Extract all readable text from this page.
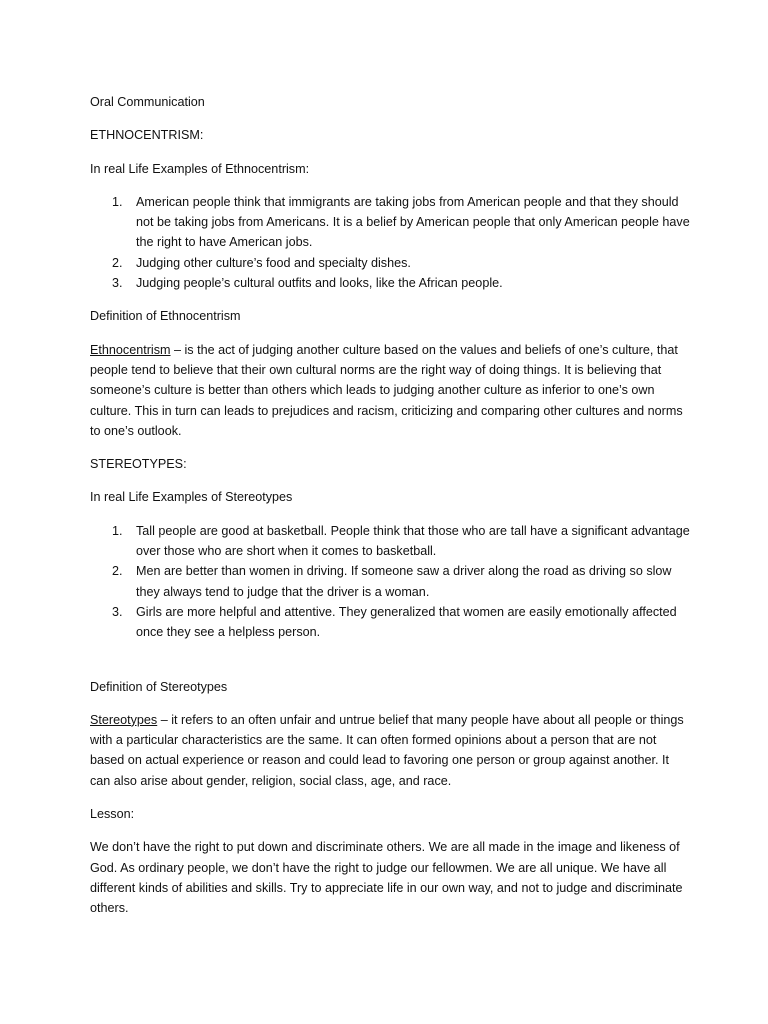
Oral Communication

ETHNOCENTRISM:

In real Life Examples of Ethnocentrism:

1. American people think that immigrants are taking jobs from American people and that they should not be taking jobs from Americans. It is a belief by American people that only American people have the right to have American jobs.
2. Judging other culture’s food and specialty dishes.
3. Judging people’s cultural outfits and looks, like the African people.

Definition of Ethnocentrism

Ethnocentrism – is the act of judging another culture based on the values and beliefs of one’s culture, that people tend to believe that their own cultural norms are the right way of doing things. It is believing that someone’s culture is better than others which leads to judging another culture as inferior to one’s own culture. This in turn can leads to prejudices and racism, criticizing and comparing other cultures and norms to one’s outlook.

STEREOTYPES:

In real Life Examples of Stereotypes

1. Tall people are good at basketball. People think that those who are tall have a significant advantage over those who are short when it comes to basketball.
2. Men are better than women in driving. If someone saw a driver along the road as driving so slow they always tend to judge that the driver is a woman.
3. Girls are more helpful and attentive. They generalized that women are easily emotionally affected once they see a helpless person.

Definition of Stereotypes

Stereotypes – it refers to an often unfair and untrue belief that many people have about all people or things with a particular characteristics are the same. It can often formed opinions about a person that are not based on actual experience or reason and could lead to favoring one person or group against another. It can also arise about gender, religion, social class, age, and race.

Lesson:

We don’t have the right to put down and discriminate others. We are all made in the image and likeness of God. As ordinary people, we don’t have the right to judge our fellowmen. We are all unique. We have all different kinds of abilities and skills. Try to appreciate life in our own way, and not to judge and discriminate others.
